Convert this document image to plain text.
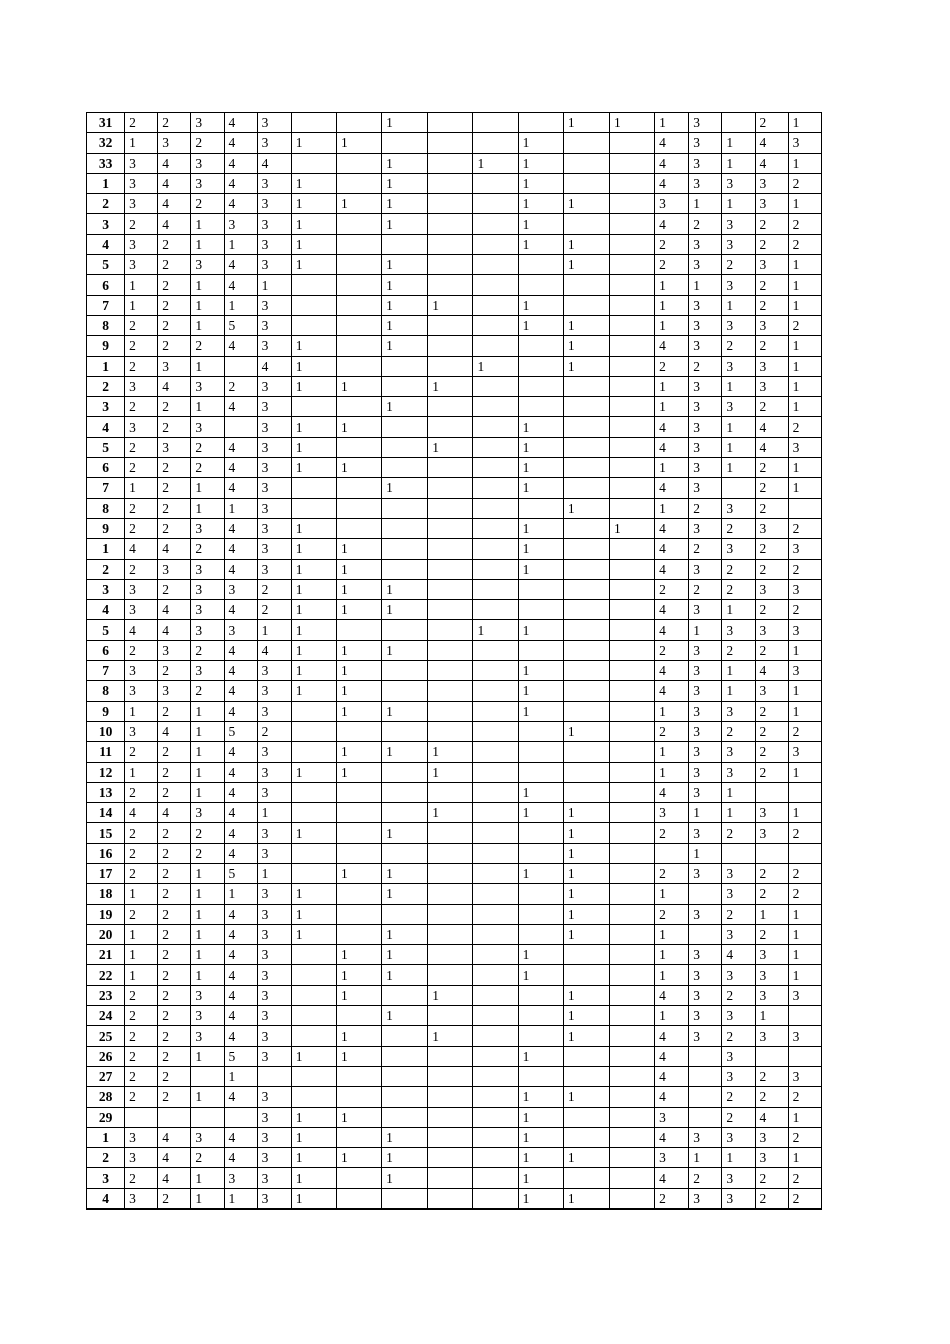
31	2	2	3	4	3			1				1	1	1	3		2	1
32	1	3	2	4	3	1	1				1			4	3	1	4	3
33	3	4	3	4	4			1		1	1			4	3	1	4	1
1	3	4	3	4	3	1		1			1			4	3	3	3	2
2	3	4	2	4	3	1	1	1			1	1		3	1	1	3	1
3	2	4	1	3	3	1		1			1			4	2	3	2	2
4	3	2	1	1	3	1					1	1		2	3	3	2	2
5	3	2	3	4	3	1		1				1		2	3	2	3	1
6	1	2	1	4	1			1						1	1	3	2	1
7	1	2	1	1	3			1	1		1			1	3	1	2	1
8	2	2	1	5	3			1			1	1		1	3	3	3	2
9	2	2	2	4	3	1		1				1		4	3	2	2	1
1	2	3	1		4	1				1		1		2	2	3	3	1
2	3	4	3	2	3	1	1		1					1	3	1	3	1
3	2	2	1	4	3			1						1	3	3	2	1
4	3	2	3		3	1	1				1			4	3	1	4	2
5	2	3	2	4	3	1			1		1			4	3	1	4	3
6	2	2	2	4	3	1	1				1			1	3	1	2	1
7	1	2	1	4	3			1			1			4	3		2	1
8	2	2	1	1	3							1		1	2	3	2	
9	2	2	3	4	3	1					1		1	4	3	2	3	2
1	4	4	2	4	3	1	1				1			4	2	3	2	3
2	2	3	3	4	3	1	1				1			4	3	2	2	2
3	3	2	3	3	2	1	1	1						2	2	2	3	3
4	3	4	3	4	2	1	1	1						4	3	1	2	2
5	4	4	3	3	1	1				1	1			4	1	3	3	3
6	2	3	2	4	4	1	1	1						2	3	2	2	1
7	3	2	3	4	3	1	1				1			4	3	1	4	3
8	3	3	2	4	3	1	1				1			4	3	1	3	1
9	1	2	1	4	3		1	1			1			1	3	3	2	1
10	3	4	1	5	2							1		2	3	2	2	2
11	2	2	1	4	3		1	1	1					1	3	3	2	3
12	1	2	1	4	3	1	1		1					1	3	3	2	1
13	2	2	1	4	3						1			4	3	1		
14	4	4	3	4	1				1		1	1		3	1	1	3	1
15	2	2	2	4	3	1		1				1		2	3	2	3	2
16	2	2	2	4	3							1			1			
17	2	2	1	5	1		1	1			1	1		2	3	3	2	2
18	1	2	1	1	3	1		1				1		1		3	2	2
19	2	2	1	4	3	1						1		2	3	2	1	1
20	1	2	1	4	3	1		1				1		1		3	2	1
21	1	2	1	4	3		1	1			1			1	3	4	3	1
22	1	2	1	4	3		1	1			1			1	3	3	3	1
23	2	2	3	4	3		1		1			1		4	3	2	3	3
24	2	2	3	4	3			1				1		1	3	3	1	
25	2	2	3	4	3		1		1			1		4	3	2	3	3
26	2	2	1	5	3	1	1				1			4		3		
27	2	2		1										4		3	2	3
28	2	2	1	4	3						1	1		4		2	2	2
29					3	1	1				1			3		2	4	1
1	3	4	3	4	3	1		1			1			4	3	3	3	2
2	3	4	2	4	3	1	1	1			1	1		3	1	1	3	1
3	2	4	1	3	3	1		1			1			4	2	3	2	2
4	3	2	1	1	3	1					1	1		2	3	3	2	2
